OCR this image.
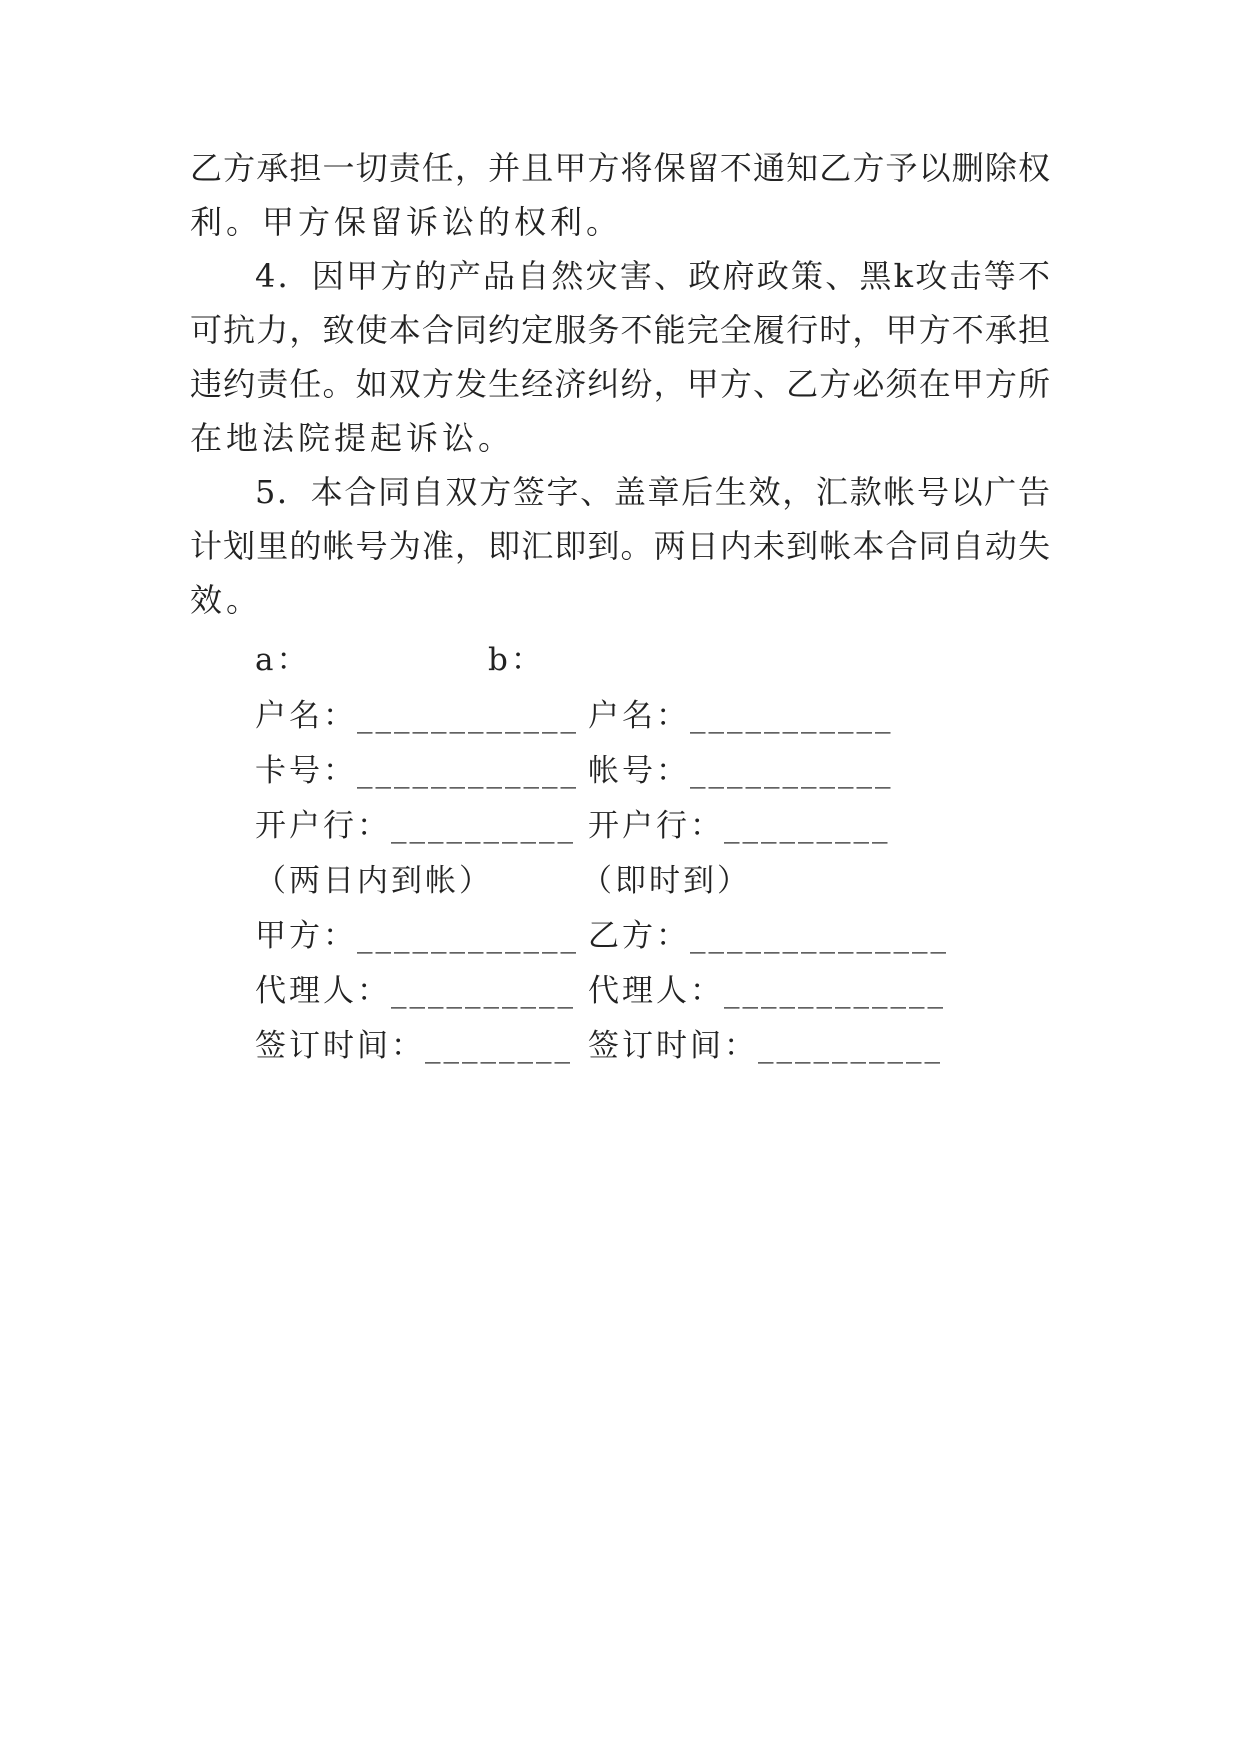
乙方承担一切责任，并且甲方将保留不通知乙方予以删除权
利。甲方保留诉讼的权利。
4．因甲方的产品自然灾害、政府政策、黑k攻击等不
可抗力，致使本合同约定服务不能完全履行时，甲方不承担
违约责任。如双方发生经济纠纷，甲方、乙方必须在甲方所
在地法院提起诉讼。
5．本合同自双方签字、盖章后生效，汇款帐号以广告
计划里的帐号为准，即汇即到。两日内未到帐本合同自动失
效。
a：	b：
户名：____________ 户名：___________
卡号：____________ 帐号：___________
开户行：__________ 开户行：_________
（两日内到帐）	（即时到）
甲方：____________ 乙方：______________
代理人：__________ 代理人：____________
签订时间：________ 签订时间：__________
